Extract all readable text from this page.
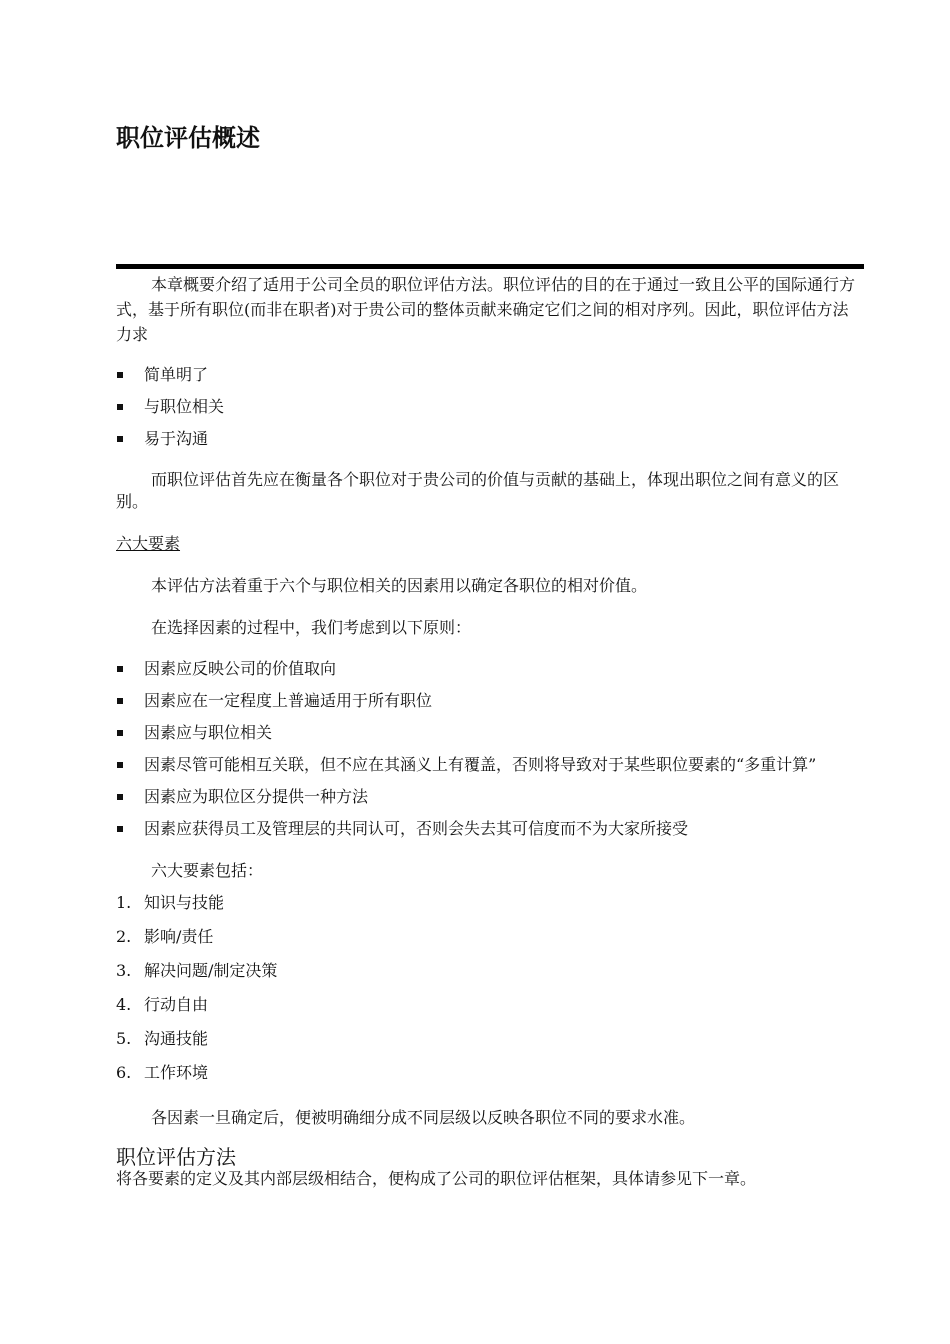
职位评估概述

本章概要介绍了适用于公司全员的职位评估方法。职位评估的目的在于通过一致且公平的国际通行方式，基于所有职位(而非在职者)对于贵公司的整体贡献来确定它们之间的相对序列。因此，职位评估方法力求

简单明了
与职位相关
易于沟通

而职位评估首先应在衡量各个职位对于贵公司的价值与贡献的基础上，体现出职位之间有意义的区别。

六大要素

本评估方法着重于六个与职位相关的因素用以确定各职位的相对价值。

在选择因素的过程中，我们考虑到以下原则：

因素应反映公司的价值取向
因素应在一定程度上普遍适用于所有职位
因素应与职位相关
因素尽管可能相互关联，但不应在其涵义上有覆盖，否则将导致对于某些职位要素的“多重计算”
因素应为职位区分提供一种方法
因素应获得员工及管理层的共同认可，否则会失去其可信度而不为大家所接受

六大要素包括：

1. 知识与技能
2. 影响/责任
3. 解决问题/制定决策
4. 行动自由
5. 沟通技能
6. 工作环境

各因素一旦确定后，便被明确细分成不同层级以反映各职位不同的要求水准。

职位评估方法

将各要素的定义及其内部层级相结合，便构成了公司的职位评估框架，具体请参见下一章。
